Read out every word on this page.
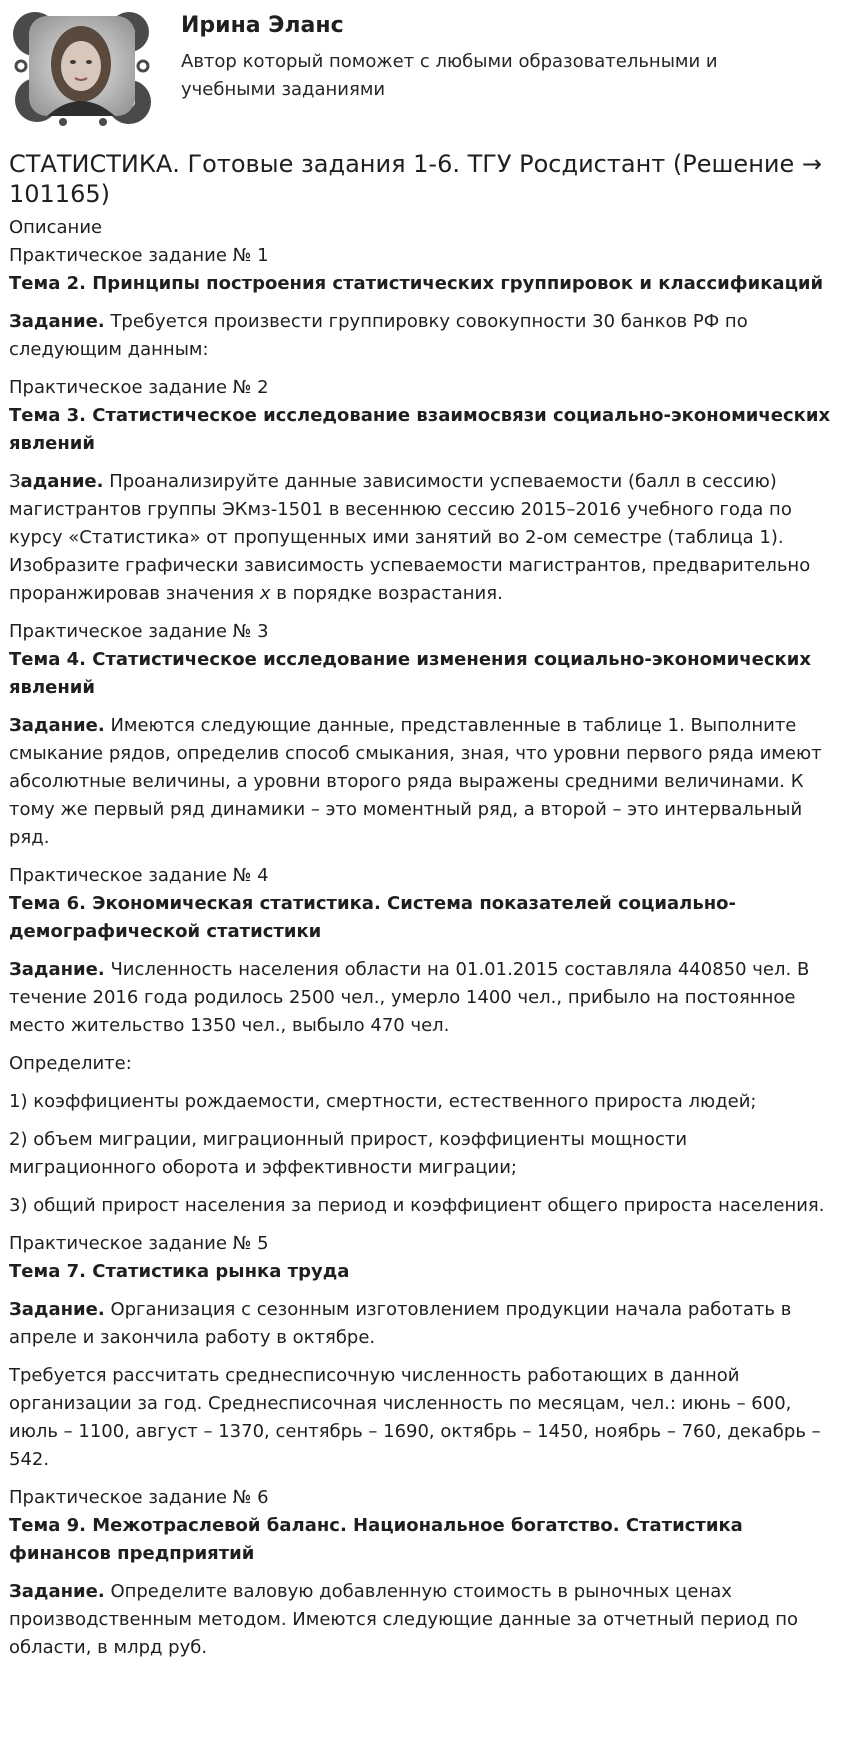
Ирина Эланс
Автор который поможет с любыми образовательными и учебными заданиями
СТАТИСТИКА. Готовые задания 1-6. ТГУ Росдистант (Решение → 101165)
Описание
Практическое задание № 1
Тема 2. Принципы построения статистических группировок и классификаций

Задание. Требуется произвести группировку совокупности 30 банков РФ по следующим данным:

Практическое задание № 2
Тема 3. Статистическое исследование взаимосвязи социально-экономических явлений

Задание. Проанализируйте данные зависимости успеваемости (балл в сессию) магистрантов группы ЭКмз-1501 в весеннюю сессию 2015–2016 учебного года по курсу «Статистика» от пропущенных ими занятий во 2-ом семестре (таблица 1). Изобразите графически зависимость успеваемости магистрантов, предварительно проранжировав значения х в порядке возрастания.

Практическое задание № 3
Тема 4. Статистическое исследование изменения социально-экономических явлений

Задание. Имеются следующие данные, представленные в таблице 1. Выполните смыкание рядов, определив способ смыкания, зная, что уровни первого ряда имеют абсолютные величины, а уровни второго ряда выражены средними величинами. К тому же первый ряд динамики – это моментный ряд, а второй – это интервальный ряд.

Практическое задание № 4
Тема 6. Экономическая статистика. Система показателей социально-демографической статистики

Задание. Численность населения области на 01.01.2015 составляла 440850 чел. В течение 2016 года родилось 2500 чел., умерло 1400 чел., прибыло на постоянное место жительство 1350 чел., выбыло 470 чел.

Определите:

1) коэффициенты рождаемости, смертности, естественного прироста людей;

2) объем миграции, миграционный прирост, коэффициенты мощности миграционного оборота и эффективности миграции;

3) общий прирост населения за период и коэффициент общего прироста населения.

Практическое задание № 5
Тема 7. Статистика рынка труда

Задание. Организация с сезонным изготовлением продукции начала работать в апреле и закончила работу в октябре.

Требуется рассчитать среднесписочную численность работающих в данной организации за год. Среднесписочная численность по месяцам, чел.: июнь – 600, июль – 1100, август – 1370, сентябрь – 1690, октябрь – 1450, ноябрь – 760, декабрь – 542.

Практическое задание № 6
Тема 9. Межотраслевой баланс. Национальное богатство. Статистика финансов предприятий

Задание. Определите валовую добавленную стоимость в рыночных ценах производственным методом. Имеются следующие данные за отчетный период по области, в млрд руб.
